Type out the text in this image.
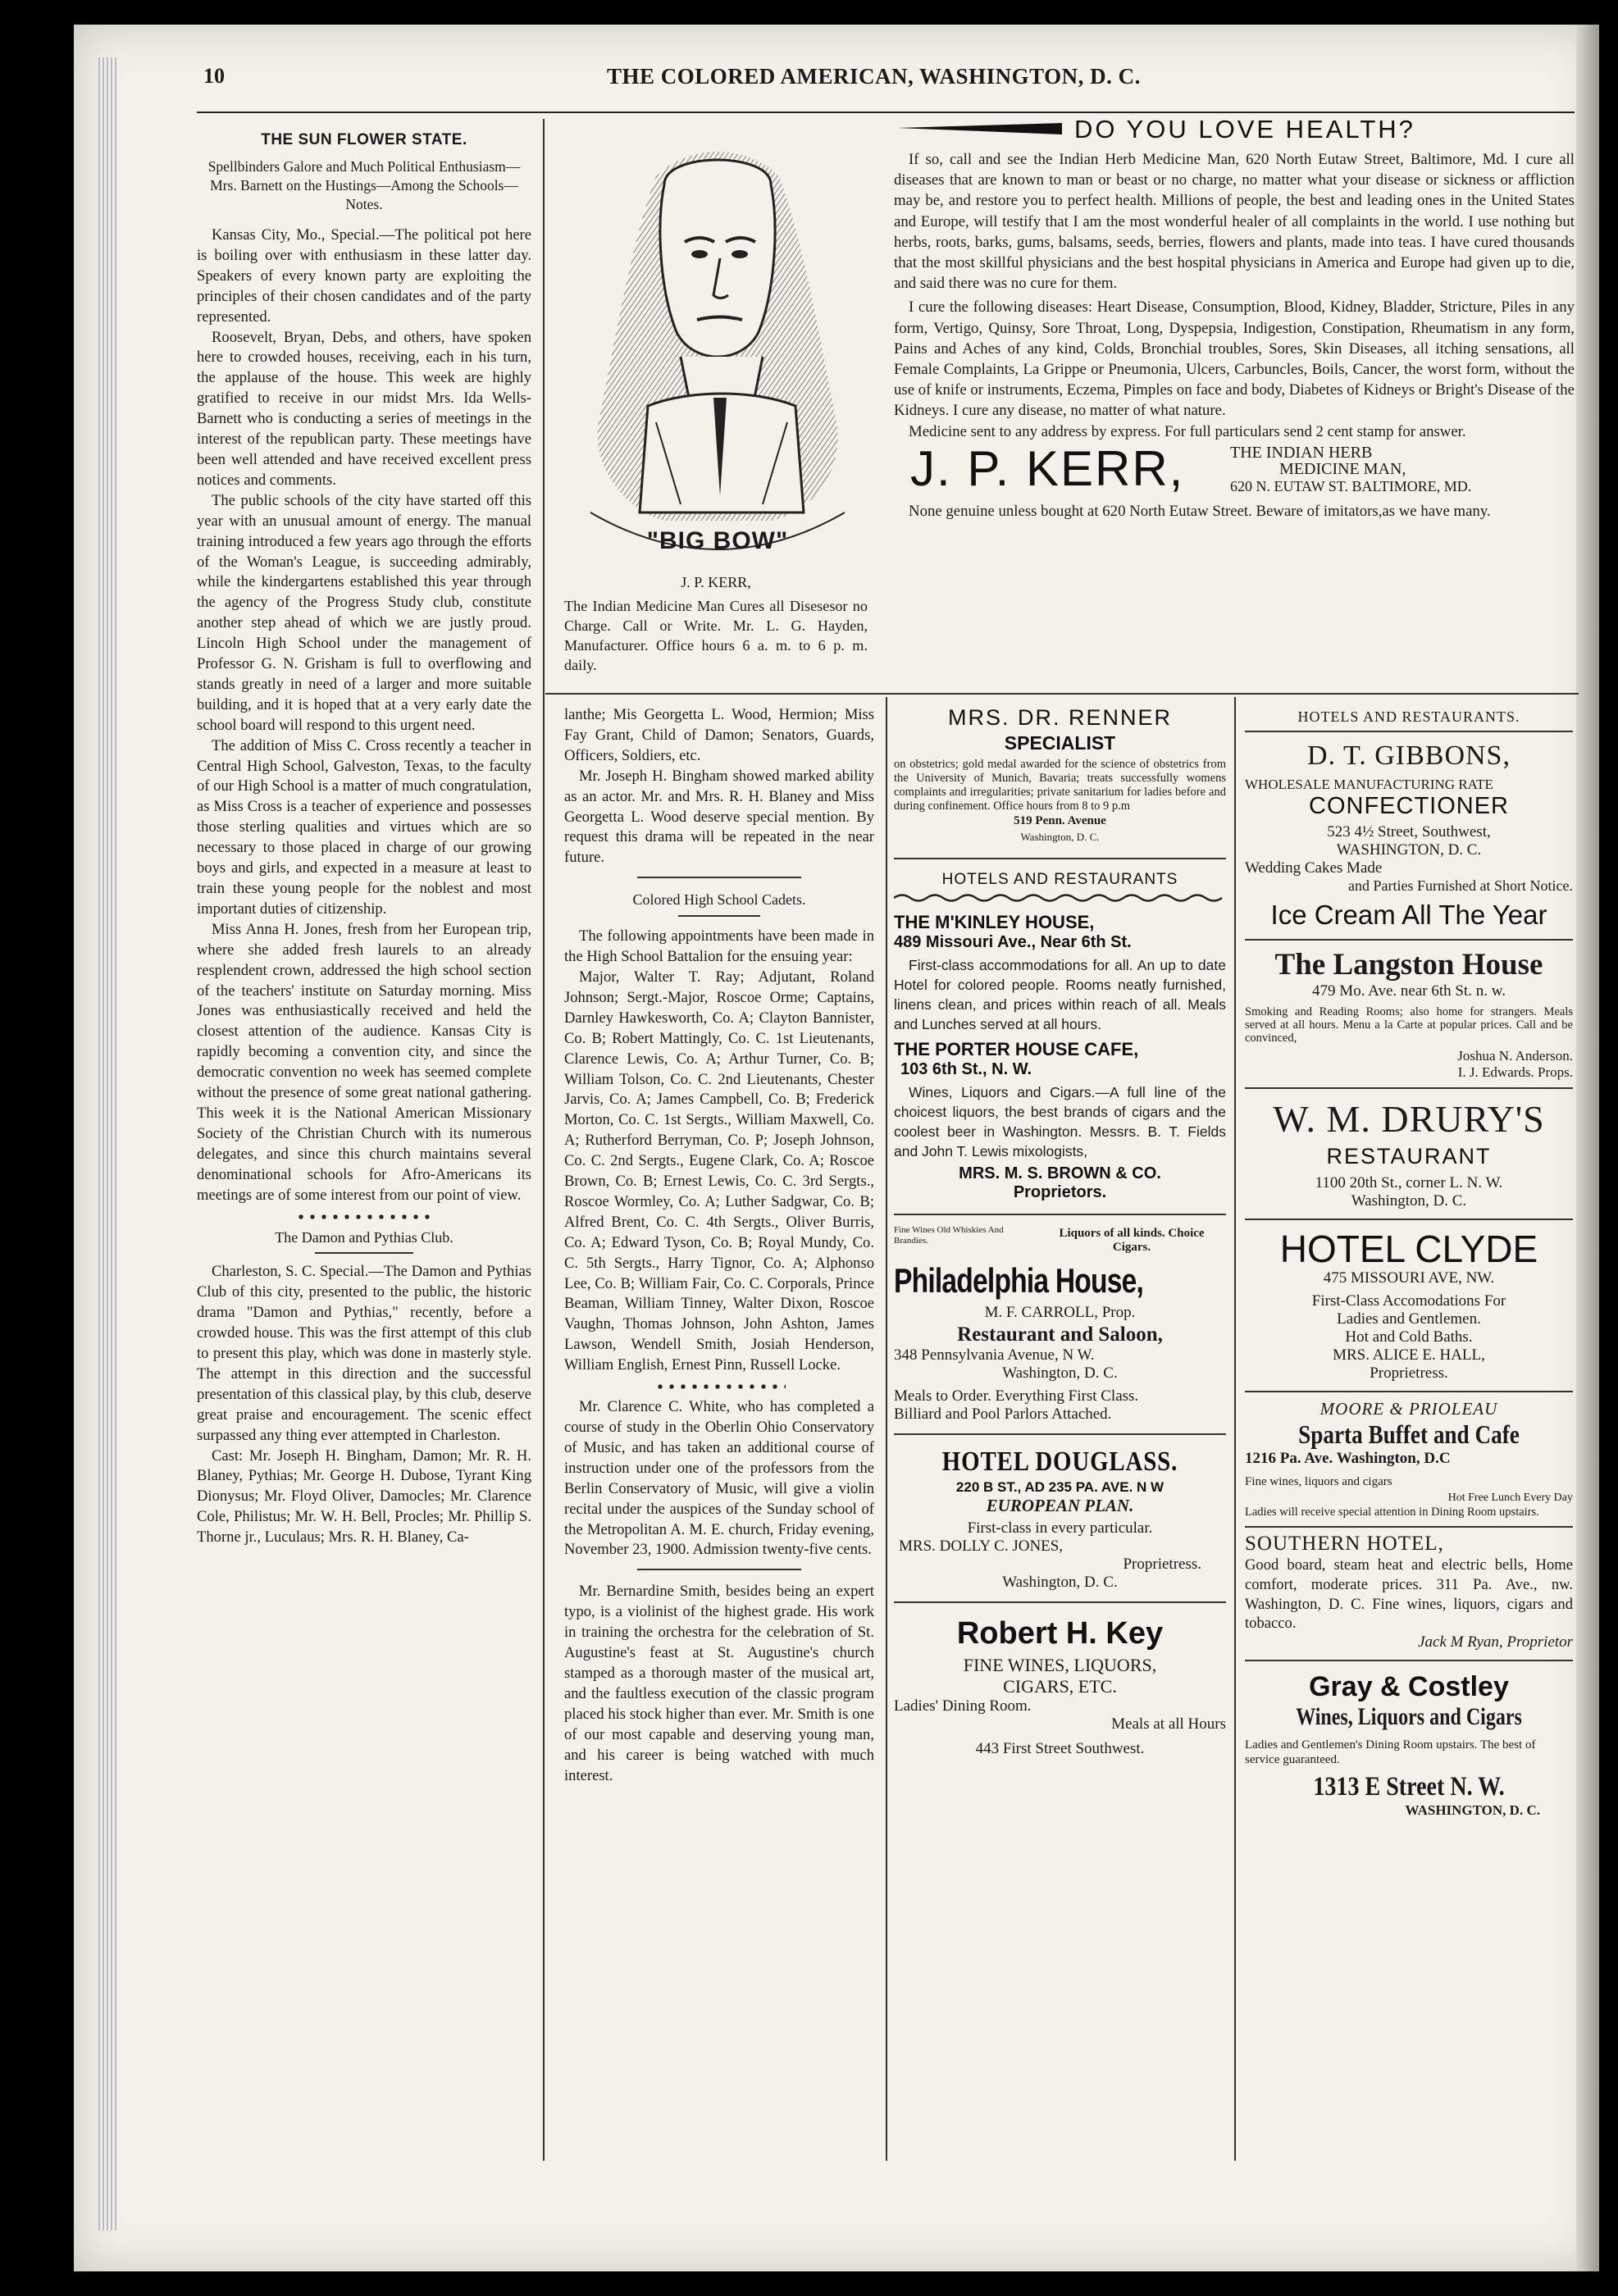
10	THE COLORED AMERICAN, WASHINGTON, D. C.
THE SUN FLOWER STATE.

Spellbinders Galore and Much Political Enthusiasm—Mrs. Barnett on the Hustings—Among the Schools—Notes.

Kansas City, Mo., Special.—The political pot here is boiling over with enthusiasm in these latter day. Speakers of every known party are exploiting the principles of their chosen candidates and of the party represented.

Roosevelt, Bryan, Debs, and others, have spoken here to crowded houses, receiving, each in his turn, the applause of the house. This week are highly gratified to receive in our midst Mrs. Ida Wells-Barnett who is conducting a series of meetings in the interest of the republican party. These meetings have been well attended and have received excellent press notices and comments.

The public schools of the city have started off this year with an unusual amount of energy. The manual training introduced a few years ago through the efforts of the Woman's League, is succeeding admirably, while the kindergartens established this year through the agency of the Progress Study club, constitute another step ahead of which we are justly proud. Lincoln High School under the management of Professor G. N. Grisham is full to overflowing and stands greatly in need of a larger and more suitable building, and it is hoped that at a very early date the school board will respond to this urgent need.

The addition of Miss C. Cross recently a teacher in Central High School, Galveston, Texas, to the faculty of our High School is a matter of much congratulation, as Miss Cross is a teacher of experience and possesses those sterling qualities and virtues which are so necessary to those placed in charge of our growing boys and girls, and expected in a measure at least to train these young people for the noblest and most important duties of citizenship.

Miss Anna H. Jones, fresh from her European trip, where she added fresh laurels to an already resplendent crown, addressed the high school section of the teachers' institute on Saturday morning. Miss Jones was enthusiastically received and held the closest attention of the audience. Kansas City is rapidly becoming a convention city, and since the democratic convention no week has seemed complete without the presence of some great national gathering. This week it is the National American Missionary Society of the Christian Church with its numerous delegates, and since this church maintains several denominational schools for Afro-Americans its meetings are of some interest from our point of view.

The Damon and Pythias Club.

Charleston, S. C. Special.—The Damon and Pythias Club of this city, presented to the public, the historic drama "Damon and Pythias," recently, before a crowded house. This was the first attempt of this club to present this play, which was done in masterly style. The attempt in this direction and the successful presentation of this classical play, by this club, deserve great praise and encouragement. The scenic effect surpassed any thing ever attempted in Charleston.

Cast: Mr. Joseph H. Bingham, Damon; Mr. R. H. Blaney, Pythias; Mr. George H. Dubose, Tyrant King Dionysus; Mr. Floyd Oliver, Damocles; Mr. Clarence Cole, Philistus; Mr. W. H. Bell, Procles; Mr. Phillip S. Thorne jr., Luculaus; Mrs. R. H. Blaney, Ca-

"BIG BOW"
J. P. KERR,

The Indian Medicine Man Cures all Disesesor no Charge. Call or Write. Mr. L. G. Hayden, Manufacturer. Office hours 6 a. m. to 6 p. m. daily.

DO YOU LOVE HEALTH?

If so, call and see the Indian Herb Medicine Man, 620 North Eutaw Street, Baltimore, Md. I cure all diseases that are known to man or beast or no charge, no matter what your disease or sickness or affliction may be, and restore you to perfect health. Millions of people, the best and leading ones in the United States and Europe, will testify that I am the most wonderful healer of all complaints in the world. I use nothing but herbs, roots, barks, gums, balsams, seeds, berries, flowers and plants, made into teas. I have cured thousands that the most skillful physicians and the best hospital physicians in America and Europe had given up to die, and said there was no cure for them.

I cure the following diseases: Heart Disease, Consumption, Blood, Kidney, Bladder, Stricture, Piles in any form, Vertigo, Quinsy, Sore Throat, Long, Dyspepsia, Indigestion, Constipation, Rheumatism in any form, Pains and Aches of any kind, Colds, Bronchial troubles, Sores, Skin Diseases, all itching sensations, all Female Complaints, La Grippe or Pneumonia, Ulcers, Carbuncles, Boils, Cancer, the worst form, without the use of knife or instruments, Eczema, Pimples on face and body, Diabetes of Kidneys or Bright's Disease of the Kidneys. I cure any disease, no matter of what nature.

Medicine sent to any address by express. For full particulars send 2 cent stamp for answer.

J. P. KERR,	THE INDIAN HERB
MEDICINE MAN,
620 N. EUTAW ST. BALTIMORE, MD.

None genuine unless bought at 620 North Eutaw Street. Beware of imitators,as we have many.

lanthe; Mis Georgetta L. Wood, Hermion; Miss Fay Grant, Child of Damon; Senators, Guards, Officers, Soldiers, etc.

Mr. Joseph H. Bingham showed marked ability as an actor. Mr. and Mrs. R. H. Blaney and Miss Georgetta L. Wood deserve special mention. By request this drama will be repeated in the near future.

Colored High School Cadets.

The following appointments have been made in the High School Battalion for the ensuing year:

Major, Walter T. Ray; Adjutant, Roland Johnson; Sergt.-Major, Roscoe Orme; Captains, Darnley Hawkesworth, Co. A; Clayton Bannister, Co. B; Robert Mattingly, Co. C. 1st Lieutenants, Clarence Lewis, Co. A; Arthur Turner, Co. B; William Tolson, Co. C. 2nd Lieutenants, Chester Jarvis, Co. A; James Campbell, Co. B; Frederick Morton, Co. C. 1st Sergts., William Maxwell, Co. A; Rutherford Berryman, Co. P; Joseph Johnson, Co. C. 2nd Sergts., Eugene Clark, Co. A; Roscoe Brown, Co. B; Ernest Lewis, Co. C. 3rd Sergts., Roscoe Wormley, Co. A; Luther Sadgwar, Co. B; Alfred Brent, Co. C. 4th Sergts., Oliver Burris, Co. A; Edward Tyson, Co. B; Royal Mundy, Co. C. 5th Sergts., Harry Tignor, Co. A; Alphonso Lee, Co. B; William Fair, Co. C. Corporals, Prince Beaman, William Tinney, Walter Dixon, Roscoe Vaughn, Thomas Johnson, John Ashton, James Lawson, Wendell Smith, Josiah Henderson, William English, Ernest Pinn, Russell Locke.

Mr. Clarence C. White, who has completed a course of study in the Oberlin Ohio Conservatory of Music, and has taken an additional course of instruction under one of the professors from the Berlin Conservatory of Music, will give a violin recital under the auspices of the Sunday school of the Metropolitan A. M. E. church, Friday evening, November 23, 1900. Admission twenty-five cents.

Mr. Bernardine Smith, besides being an expert typo, is a violinist of the highest grade. His work in training the orchestra for the celebration of St. Augustine's feast at St. Augustine's church stamped as a thorough master of the musical art, and the faultless execution of the classic program placed his stock higher than ever. Mr. Smith is one of our most capable and deserving young man, and his career is being watched with much interest.

MRS. DR. RENNER
SPECIALIST
on obstetrics; gold medal awarded for the science of obstetrics from the University of Munich, Bavaria; treats successfully womens complaints and irregularities; private sanitarium for ladies before and during confinement. Office hours from 8 to 9 p.m
519 Penn. Avenue
Washington, D. C.
HOTELS AND RESTAURANTS
THE M'KINLEY HOUSE,
489 Missouri Ave., Near 6th St.

First-class accommodations for all. An up to date Hotel for colored people. Rooms neatly furnished, linens clean, and prices within reach of all. Meals and Lunches served at all hours.

THE PORTER HOUSE CAFE,
103 6th St., N. W.

Wines, Liquors and Cigars.—A full line of the choicest liquors, the best brands of cigars and the coolest beer in Washington. Messrs. B. T. Fields and John T. Lewis mixologists,

MRS. M. S. BROWN & CO.
Proprietors.
Fine Wines Old Whiskies And Brandies.
Liquors of all kinds. Choice Cigars.
Philadelphia House,
M. F. CARROLL, Prop.
Restaurant and Saloon,
348 Pennsylvania Avenue, N W.
Washington, D. C.
Meals to Order. Everything First Class.
Billiard and Pool Parlors Attached.
HOTEL DOUGLASS.
220 B ST., AD 235 PA. AVE. N W
EUROPEAN PLAN.
First-class in every particular.
MRS. DOLLY C. JONES,
Proprietress.
Washington, D. C.
Robert H. Key
FINE WINES, LIQUORS,
CIGARS, ETC.
Ladies' Dining Room.
Meals at all Hours
443 First Street Southwest.
HOTELS AND RESTAURANTS.
D. T. GIBBONS,
WHOLESALE MANUFACTURING RATE
CONFECTIONER
523 4½ Street, Southwest,
WASHINGTON, D. C.
Wedding Cakes Made
and Parties Furnished at Short Notice.
Ice Cream All The Year
The Langston House
479 Mo. Ave. near 6th St. n. w.
Smoking and Reading Rooms; also home for strangers. Meals served at all hours. Menu a la Carte at popular prices. Call and be convinced,
Joshua N. Anderson.
I. J. Edwards. Props.
W. M. DRURY'S
RESTAURANT
1100 20th St., corner L. N. W.
Washington, D. C.
HOTEL CLYDE
475 MISSOURI AVE, NW.
First-Class Accomodations For
Ladies and Gentlemen.
Hot and Cold Baths.
MRS. ALICE E. HALL,
Proprietress.
MOORE & PRIOLEAU
Sparta Buffet and Cafe
1216 Pa. Ave. Washington, D.C
Fine wines, liquors and cigars
Hot Free Lunch Every Day
Ladies will receive special attention in Dining Room upstairs.
SOUTHERN HOTEL,

Good board, steam heat and electric bells, Home comfort, moderate prices. 311 Pa. Ave., nw. Washington, D. C. Fine wines, liquors, cigars and tobacco.

Jack M Ryan, Proprietor
Gray & Costley
Wines, Liquors and Cigars
Ladies and Gentlemen's Dining Room upstairs. The best of service guaranteed.
1313 E Street N. W.
WASHINGTON, D. C.
